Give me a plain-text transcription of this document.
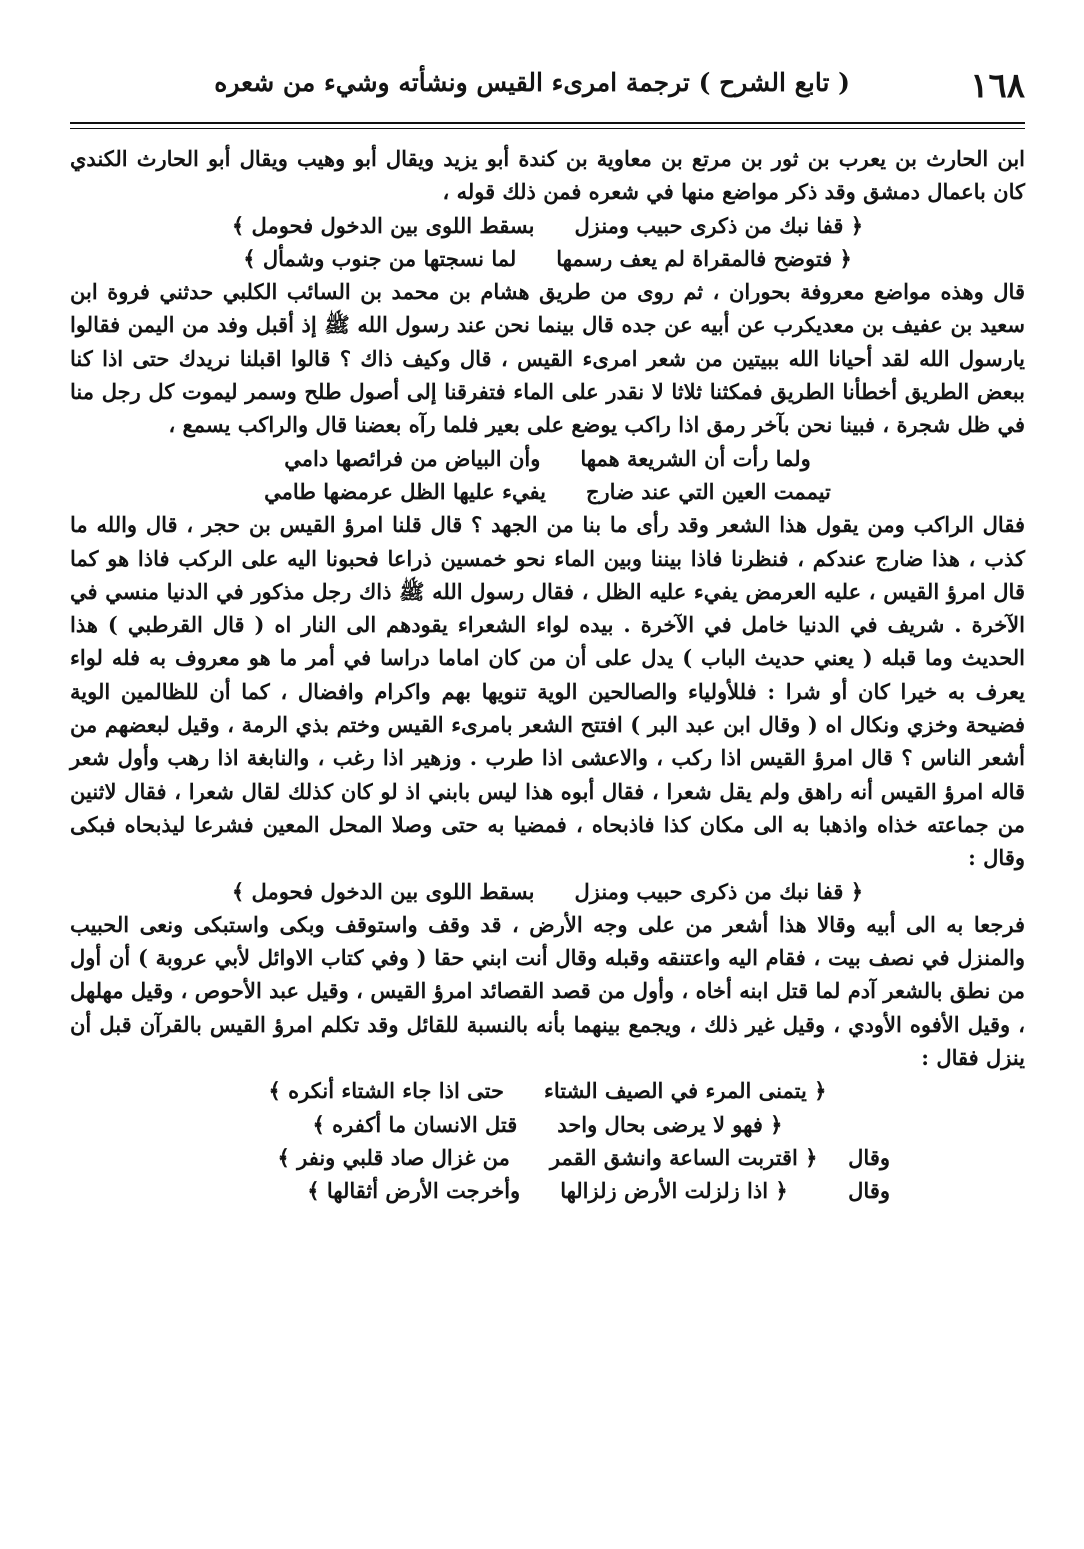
١٦٨
( تابع الشرح ) ترجمة امرىء القيس ونشأته وشيء من شعره

ابن الحارث بن يعرب بن ثور بن مرتع بن معاوية بن كندة أبو يزيد ويقال أبو وهيب ويقال أبو الحارث الكندي كان باعمال دمشق وقد ذكر مواضع منها في شعره فمن ذلك قوله ،

﴿ قفا نبك من ذكرى حبيب ومنزل
بسقط اللوى بين الدخول فحومل ﴾
﴿ فتوضح فالمقراة لم يعف رسمها
لما نسجتها من جنوب وشمأل ﴾

قال وهذه مواضع معروفة بحوران ، ثم روى من طريق هشام بن محمد بن السائب الكلبي حدثني فروة ابن سعيد بن عفيف بن معديكرب عن أبيه عن جده قال بينما نحن عند رسول الله ﷺ إذ أقبل وفد من اليمن فقالوا يارسول الله لقد أحيانا الله ببيتين من شعر امرىء القيس ، قال وكيف ذاك ؟ قالوا اقبلنا نريدك حتى اذا كنا ببعض الطريق أخطأنا الطريق فمكثنا ثلاثا لا نقدر على الماء فتفرقنا إلى أصول طلح وسمر ليموت كل رجل منا في ظل شجرة ، فبينا نحن بآخر رمق اذا راكب يوضع على بعير فلما رآه بعضنا قال والراكب يسمع ،

ولما رأت أن الشريعة همها
وأن البياض من فرائصها دامي
تيممت العين التي عند ضارج
يفيء عليها الظل عرمضها طامي

فقال الراكب ومن يقول هذا الشعر وقد رأى ما بنا من الجهد ؟ قال قلنا امرؤ القيس بن حجر ، قال والله ما كذب ، هذا ضارج عندكم ، فنظرنا فاذا بيننا وبين الماء نحو خمسين ذراعا فحبونا اليه على الركب فاذا هو كما قال امرؤ القيس ، عليه العرمض يفيء عليه الظل ، فقال رسول الله ﷺ ذاك رجل مذكور في الدنيا منسي في الآخرة . شريف في الدنيا خامل في الآخرة . بيده لواء الشعراء يقودهم الى النار اه ( قال القرطبي ) هذا الحديث وما قبله ( يعني حديث الباب ) يدل على أن من كان اماما دراسا في أمر ما هو معروف به فله لواء يعرف به خيرا كان أو شرا : فللأولياء والصالحين الوية تنويها بهم واكرام وافضال ، كما أن للظالمين الوية فضيحة وخزي ونكال اه ( وقال ابن عبد البر ) افتتح الشعر بامرىء القيس وختم بذي الرمة ، وقيل لبعضهم من أشعر الناس ؟ قال امرؤ القيس اذا ركب ، والاعشى اذا طرب . وزهير اذا رغب ، والنابغة اذا رهب وأول شعر قاله امرؤ القيس أنه راهق ولم يقل شعرا ، فقال أبوه هذا ليس بابني اذ لو كان كذلك لقال شعرا ، فقال لاثنين من جماعته خذاه واذهبا به الى مكان كذا فاذبحاه ، فمضيا به حتى وصلا المحل المعين فشرعا ليذبحاه فبكى وقال :

﴿ قفا نبك من ذكرى حبيب ومنزل
بسقط اللوى بين الدخول فحومل ﴾

فرجعا به الى أبيه وقالا هذا أشعر من على وجه الأرض ، قد وقف واستوقف وبكى واستبكى ونعى الحبيب والمنزل في نصف بيت ، فقام اليه واعتنقه وقبله وقال أنت ابني حقا ( وفي كتاب الاوائل لأبي عروبة ) أن أول من نطق بالشعر آدم لما قتل ابنه أخاه ، وأول من قصد القصائد امرؤ القيس ، وقيل عبد الأحوص ، وقيل مهلهل ، وقيل الأفوه الأودي ، وقيل غير ذلك ، ويجمع بينهما بأنه بالنسبة للقائل وقد تكلم امرؤ القيس بالقرآن قبل أن ينزل فقال :

﴿ يتمنى المرء في الصيف الشتاء
حتى اذا جاء الشتاء أنكره ﴾
﴿ فهو لا يرضى بحال واحد
قتل الانسان ما أكفره ﴾
وقال
﴿ اقتربت الساعة وانشق القمر
من غزال صاد قلبي ونفر ﴾
وقال
﴿ اذا زلزلت الأرض زلزالها
وأخرجت الأرض أثقالها ﴾
